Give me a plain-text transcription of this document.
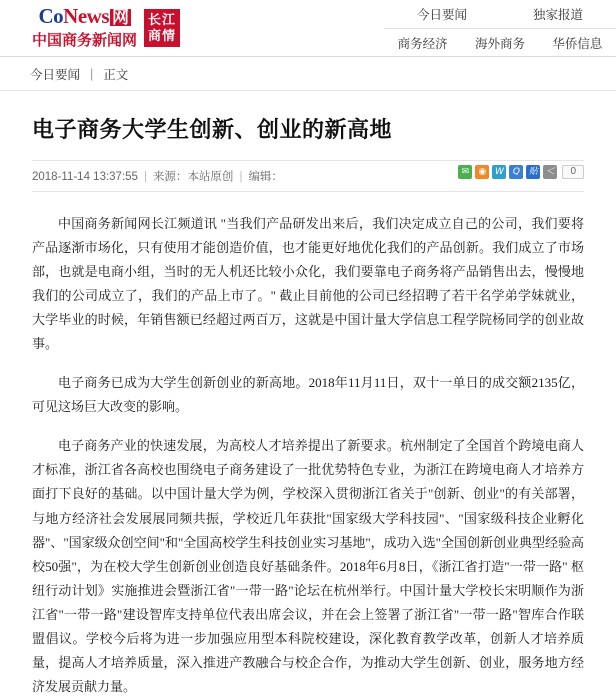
Co News 网
中国商务新闻网
长江
商情
今日要闻	独家报道
商务经济	海外商务	华侨信息
今日要闻 | 正文
电子商务大学生创新、创业的新高地
2018-11-14 13:37:55 | 来源：本站原创 | 编辑：	✉	◉ W	Q 贴 ＜	0

中国商务新闻网长江频道讯 "当我们产品研发出来后，我们决定成立自己的公司，我们要将产品逐渐市场化，只有使用才能创造价值，也才能更好地优化我们的产品创新。我们成立了市场部，也就是电商小组，当时的无人机还比较小众化，我们要靠电子商务将产品销售出去，慢慢地我们的公司成立了，我们的产品上市了。" 截止目前他的公司已经招聘了若干名学弟学妹就业，大学毕业的时候，年销售额已经超过两百万，这就是中国计量大学信息工程学院杨同学的创业故事。

电子商务已成为大学生创新创业的新高地。2018年11月11日，双十一单日的成交额2135亿，可见这场巨大改变的影响。

电子商务产业的快速发展，为高校人才培养提出了新要求。杭州制定了全国首个跨境电商人才标准，浙江省各高校也围绕电子商务建设了一批优势特色专业，为浙江在跨境电商人才培养方面打下良好的基础。以中国计量大学为例，学校深入贯彻浙江省关于"创新、创业"的有关部署，与地方经济社会发展展同频共振，学校近几年获批"国家级大学科技园"、"国家级科技企业孵化器"、"国家级众创空间"和"全国高校学生科技创业实习基地"，成功入选"全国创新创业典型经验高校50强"，为在校大学生创新创业创造良好基础条件。2018年6月8日，《浙江省打造"一带一路" 枢纽行动计划》实施推进会暨浙江省"一带一路"论坛在杭州举行。中国计量大学校长宋明顺作为浙江省"一带一路"建设智库支持单位代表出席会议，并在会上签署了浙江省"一带一路"智库合作联盟倡议。学校今后将为进一步加强应用型本科院校建设，深化教育教学改革，创新人才培养质量，提高人才培养质量，深入推进产教融合与校企合作，为推动大学生创新、创业，服务地方经济发展贡献力量。
